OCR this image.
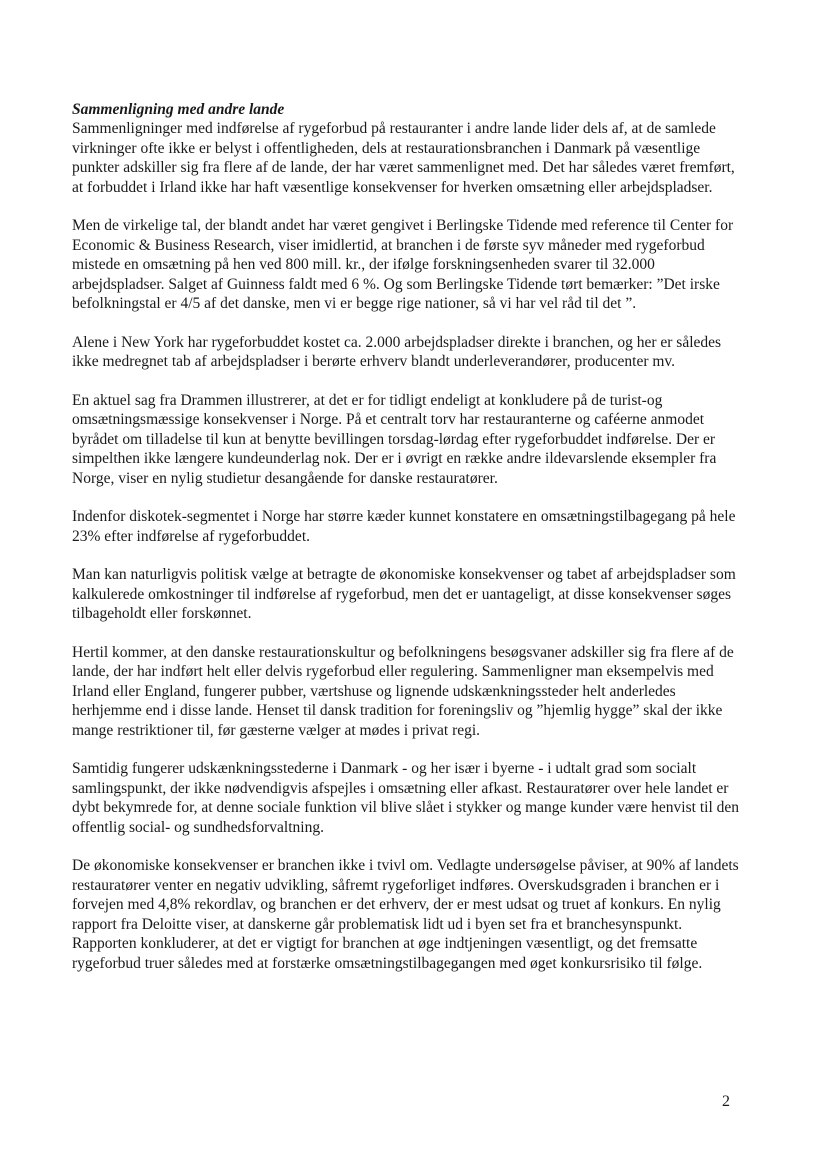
Sammenligning med andre lande

Sammenligninger med indførelse af rygeforbud på restauranter i andre lande lider dels af, at de samlede virkninger ofte ikke er belyst i offentligheden, dels at restaurationsbranchen i Danmark på væsentlige punkter adskiller sig fra flere af de lande, der har været sammenlignet med. Det har således været fremført, at forbuddet i Irland ikke har haft væsentlige konsekvenser for hverken omsætning eller arbejdspladser.

Men de virkelige tal, der blandt andet har været gengivet i Berlingske Tidende med reference til Center for Economic & Business Research, viser imidlertid, at branchen i de første syv måneder med rygeforbud mistede en omsætning på hen ved 800 mill. kr., der ifølge forskningsenheden svarer til 32.000 arbejdspladser. Salget af Guinness faldt med 6 %. Og som Berlingske Tidende tørt bemærker: ”Det irske befolkningstal er 4/5 af det danske, men vi er begge rige nationer, så vi har vel råd til det ”.

Alene i New York har rygeforbuddet kostet ca. 2.000 arbejdspladser direkte i branchen, og her er således ikke medregnet tab af arbejdspladser i berørte erhverv blandt underleverandører, producenter mv.

En aktuel sag fra Drammen illustrerer, at det er for tidligt endeligt at konkludere på de turist-og omsætningsmæssige konsekvenser i Norge. På et centralt torv har restauranterne og caféerne anmodet byrådet om tilladelse til kun at benytte bevillingen torsdag-lørdag efter rygeforbuddet indførelse. Der er simpelthen ikke længere kundeunderlag nok. Der er i øvrigt en række andre ildevarslende eksempler fra Norge, viser en nylig studietur desangående for danske restauratører.

Indenfor diskotek-segmentet i Norge har større kæder kunnet konstatere en omsætningstilbagegang på hele 23% efter indførelse af rygeforbuddet.

Man kan naturligvis politisk vælge at betragte de økonomiske konsekvenser og tabet af arbejdspladser som kalkulerede omkostninger til indførelse af rygeforbud, men det er uantageligt, at disse konsekvenser søges tilbageholdt eller forskønnet.

Hertil kommer, at den danske restaurationskultur og befolkningens besøgsvaner adskiller sig fra flere af de lande, der har indført helt eller delvis rygeforbud eller regulering. Sammenligner man eksempelvis med Irland eller England, fungerer pubber, værtshuse og lignende udskænkningssteder helt anderledes herhjemme end i disse lande. Henset til dansk tradition for foreningsliv og ”hjemlig hygge” skal der ikke mange restriktioner til, før gæsterne vælger at mødes i privat regi.

Samtidig fungerer udskænkningsstederne i Danmark - og her især i byerne - i udtalt grad som socialt samlingspunkt, der ikke nødvendigvis afspejles i omsætning eller afkast. Restauratører over hele landet er dybt bekymrede for, at denne sociale funktion vil blive slået i stykker og mange kunder være henvist til den offentlig social- og sundhedsforvaltning.

De økonomiske konsekvenser er branchen ikke i tvivl om. Vedlagte undersøgelse påviser, at 90% af landets restauratører venter en negativ udvikling, såfremt rygeforliget indføres. Overskudsgraden i branchen er i forvejen med 4,8% rekordlav, og branchen er det erhverv, der er mest udsat og truet af konkurs. En nylig rapport fra Deloitte viser, at danskerne går problematisk lidt ud i byen set fra et branchesynspunkt. Rapporten konkluderer, at det er vigtigt for branchen at øge indtjeningen væsentligt, og det fremsatte rygeforbud truer således med at forstærke omsætningstilbagegangen med øget konkursrisiko til følge.

2
